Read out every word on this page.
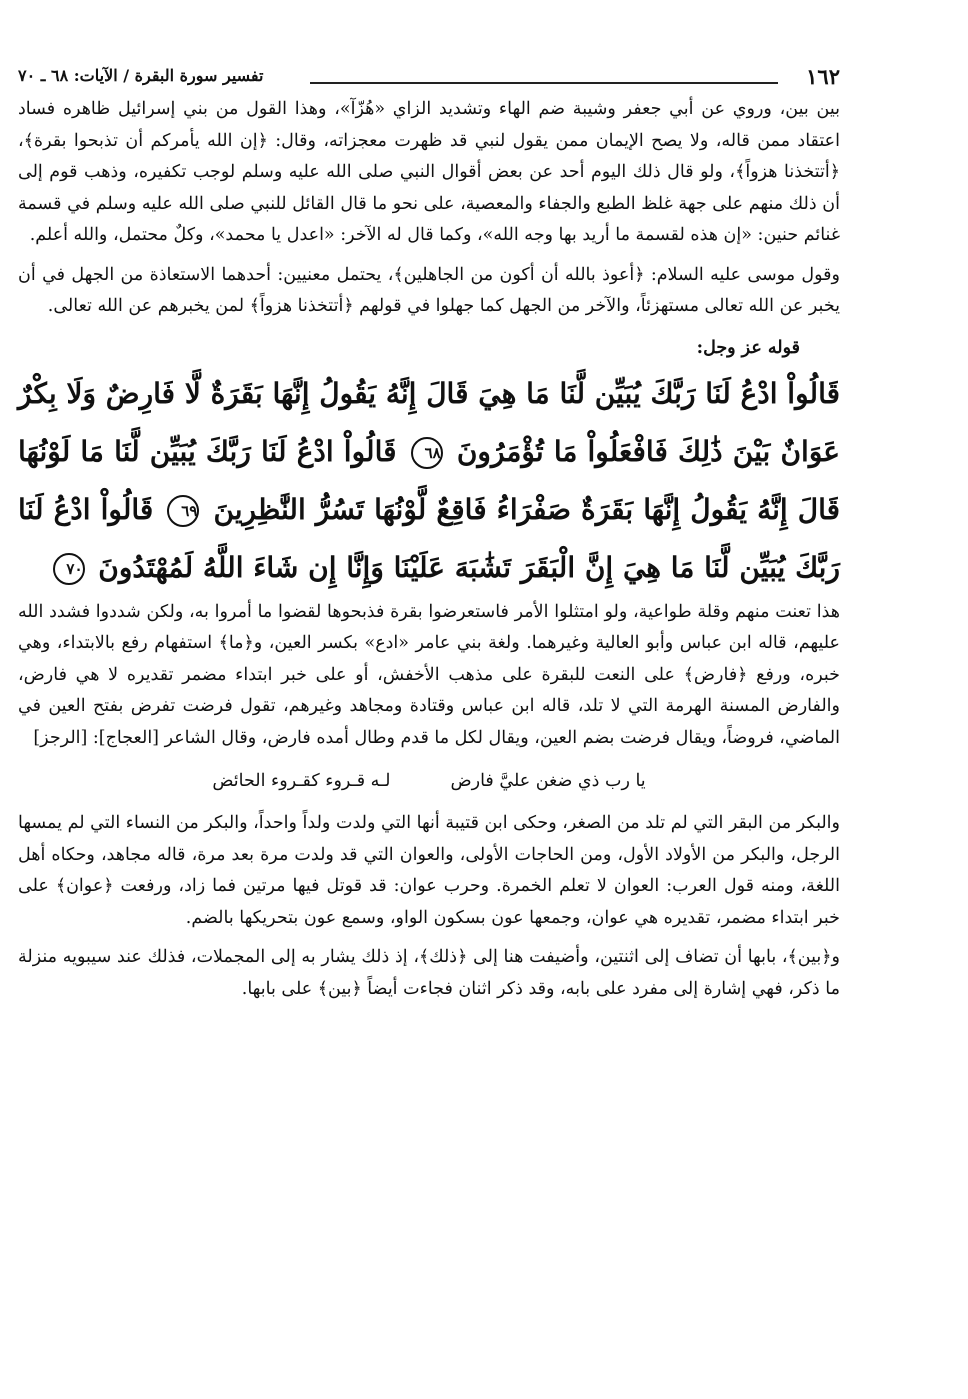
١٦٢
تفسير سورة البقرة / الآيات: ٦٨ ـ ٧٠

بين بين، وروي عن أبي جعفر وشيبة ضم الهاء وتشديد الزاي «هُزّآ»، وهذا القول من بني إسرائيل ظاهره فساد اعتقاد ممن قاله، ولا يصح الإيمان ممن يقول لنبي قد ظهرت معجزاته، وقال: ﴿إن الله يأمركم أن تذبحوا بقرة﴾، ﴿أتتخذنا هزواً﴾، ولو قال ذلك اليوم أحد عن بعض أقوال النبي صلى الله عليه وسلم لوجب تكفيره، وذهب قوم إلى أن ذلك منهم على جهة غلظ الطبع والجفاء والمعصية، على نحو ما قال القائل للنبي صلى الله عليه وسلم في قسمة غنائم حنين: «إن هذه لقسمة ما أريد بها وجه الله»، وكما قال له الآخر: «اعدل يا محمد»، وكلٌ محتمل، والله أعلم.

وقول موسى عليه السلام: ﴿أعوذ بالله أن أكون من الجاهلين﴾، يحتمل معنيين: أحدهما الاستعاذة من الجهل في أن يخبر عن الله تعالى مستهزئاً، والآخر من الجهل كما جهلوا في قولهم ﴿أتتخذنا هزواً﴾ لمن يخبرهم عن الله تعالى.

قوله عز وجل:

قَالُواْ ادْعُ لَنَا رَبَّكَ يُبَيِّن لَّنَا مَا هِيَ قَالَ إِنَّهُ يَقُولُ إِنَّهَا بَقَرَةٌ لَّا فَارِضٌ وَلَا بِكْرٌ عَوَانٌ بَيْنَ ذَٰلِكَ فَافْعَلُواْ مَا تُؤْمَرُونَ ٦٨ قَالُواْ ادْعُ لَنَا رَبَّكَ يُبَيِّن لَّنَا مَا لَوْنُهَا قَالَ إِنَّهُ يَقُولُ إِنَّهَا بَقَرَةٌ صَفْرَاءُ فَاقِعٌ لَّوْنُهَا تَسُرُّ النَّٰظِرِينَ ٦٩ قَالُواْ ادْعُ لَنَا رَبَّكَ يُبَيِّن لَّنَا مَا هِيَ إِنَّ الْبَقَرَ تَشَٰبَهَ عَلَيْنَا وَإِنَّا إِن شَاءَ اللَّهُ لَمُهْتَدُونَ ٧٠

هذا تعنت منهم وقلة طواعية، ولو امتثلوا الأمر فاستعرضوا بقرة فذبحوها لقضوا ما أمروا به، ولكن شددوا فشدد الله عليهم، قاله ابن عباس وأبو العالية وغيرهما. ولغة بني عامر «ادع» بكسر العين، و﴿ما﴾ استفهام رفع بالابتداء، وهي خبره، ورفع ﴿فارض﴾ على النعت للبقرة على مذهب الأخفش، أو على خبر ابتداء مضمر تقديره لا هي فارض، والفارض المسنة الهرمة التي لا تلد، قاله ابن عباس وقتادة ومجاهد وغيرهم، تقول فرضت تفرض بفتح العين في الماضي، فروضاً، ويقال فرضت بضم العين، ويقال لكل ما قدم وطال أمده فارض، وقال الشاعر [العجاج]: [الرجز]

يا رب ذي ضغن عليَّ فارض
لـه قـروء كقـروء الحائض

والبكر من البقر التي لم تلد من الصغر، وحكى ابن قتيبة أنها التي ولدت ولداً واحداً، والبكر من النساء التي لم يمسها الرجل، والبكر من الأولاد الأول، ومن الحاجات الأولى، والعوان التي قد ولدت مرة بعد مرة، قاله مجاهد، وحكاه أهل اللغة، ومنه قول العرب: العوان لا تعلم الخمرة. وحرب عوان: قد قوتل فيها مرتين فما زاد، ورفعت ﴿عوان﴾ على خبر ابتداء مضمر، تقديره هي عوان، وجمعها عون بسكون الواو، وسمع عون بتحريكها بالضم.

و﴿بين﴾، بابها أن تضاف إلى اثنتين، وأضيفت هنا إلى ﴿ذلك﴾، إذ ذلك يشار به إلى المجملات، فذلك عند سيبويه منزلة ما ذكر، فهي إشارة إلى مفرد على بابه، وقد ذكر اثنان فجاءت أيضاً ﴿بين﴾ على بابها.
